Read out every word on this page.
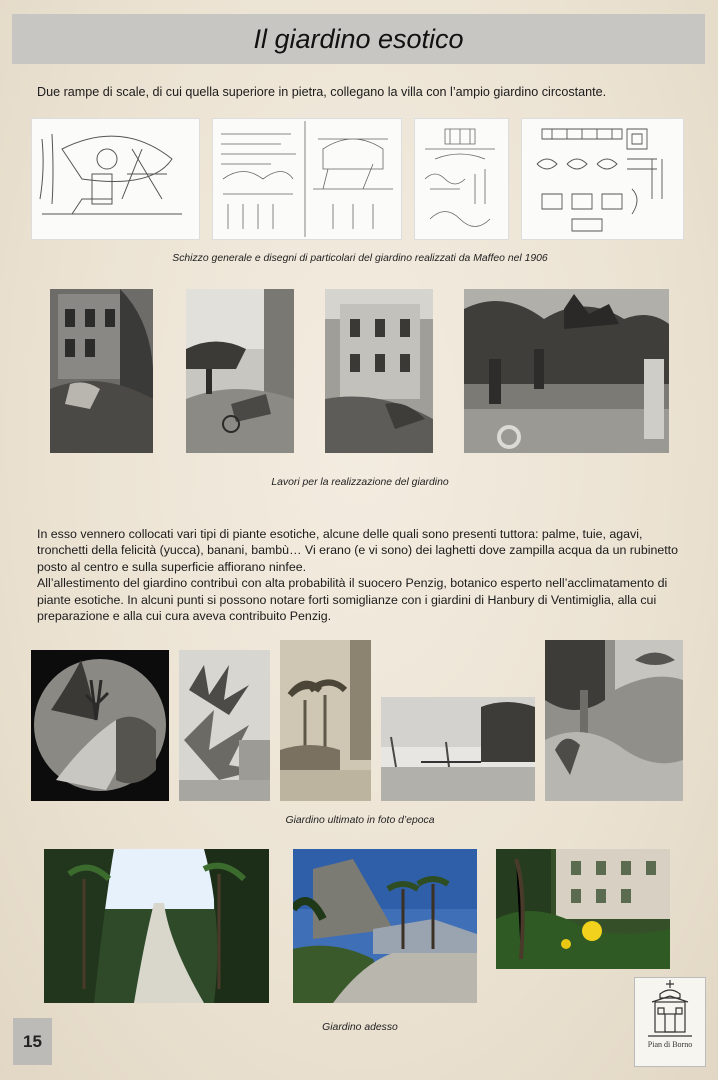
Il giardino esotico
Due rampe di scale, di cui quella superiore in pietra, collegano la villa con l’ampio giardino circostante.
Schizzo generale e disegni di particolari del giardino realizzati da Maffeo nel 1906
Lavori per la realizzazione del giardino

In esso vennero collocati vari tipi di piante esotiche, alcune delle quali sono presenti tuttora: palme, tuie, agavi, tronchetti della felicità (yucca), banani, bambù… Vi erano (e vi sono) dei laghetti dove zampilla acqua da un rubinetto posto al centro e sulla superficie affiorano ninfee.

All’allestimento del giardino contribuì con alta probabilità il suocero Penzig, botanico esperto nell’acclimatamento di piante esotiche. In alcuni punti si possono notare forti somiglianze con i giardini di Hanbury di Ventimiglia, alla cui preparazione e alla cui cura aveva contribuito Penzig.

Giardino ultimato in foto d’epoca
Giardino adesso
15	Pian di Borno
